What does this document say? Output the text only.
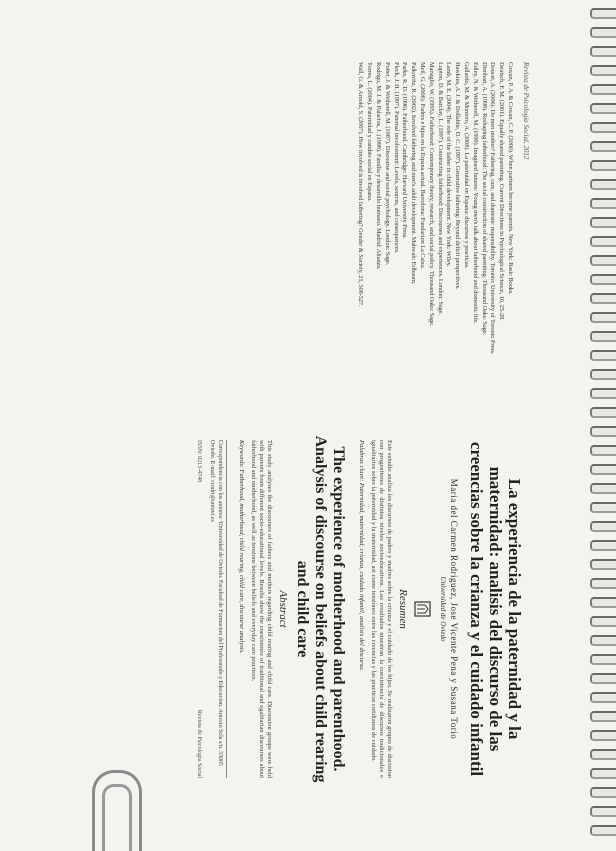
Revista de Psicologia Social, 2012
Cowan, P. A. & Cowan, C. P. (2000). When partners become parents. New York: Basic Books.
Deutsch, F. M. (2001). Equally shared parenting. Current Directions in Psychological Science, 10, 25-28.
Doucet, A. (2006). Do men mother? Fathering, care, and domestic responsibility. Toronto: University of Toronto Press.
Dienhart, A. (1998). Reshaping fatherhood: The social construction of shared parenting. Thousand Oaks: Sage.
Edley, N. & Wetherell, M. (1999). Imagined futures: Young men's talk about fatherhood and domestic life.
Gallardo, M. & Montero, A. (2008). La paternidad en Espana: discursos y practicas.
Hawkins, A. J. & Dollahite, D. C. (1997). Generative fathering: Beyond deficit perspectives.
Lamb, M. E. (2004). The role of the father in child development. New York: Wiley.
Lupton, D. & Barclay, L. (1997). Constructing fatherhood: Discourses and experiences. London: Sage.
Marsiglio, W. (1995). Fatherhood: Contemporary theory, research, and social policy. Thousand Oaks: Sage.
Meil, G. (2006). Padres e hijos en la Espana actual. Barcelona: Fundacion La Caixa.
Palkovitz, R. (2002). Involved fathering and men's adult development. Mahwah: Erlbaum.
Parke, R. D. (1996). Fatherhood. Cambridge: Harvard University Press.
Pleck, J. H. (1997). Paternal involvement: Levels, sources, and consequences.
Potter, J. & Wetherell, M. (1987). Discourse and social psychology. London: Sage.
Rodrigo, M. J. & Palacios, J. (1998). Familia y desarrollo humano. Madrid: Alianza.
Torres, L. (2004). Paternidad y cambio social en Espana.
Wall, G. & Arnold, S. (2007). How involved is involved fathering? Gender & Society, 21, 508-527.
La experiencia de la paternidad y la maternidad: analisis del discurso de las creencias sobre la crianza y el cuidado infantil
Maria del Carmen Rodriguez, Jose Vicente Pena y Susana Torio
Universidad de Oviedo
Resumen
Este estudio analiza los discursos de padres y madres sobre la crianza y el cuidado de los hijos. Se realizaron grupos de discusion con progenitores de distintos niveles socioeducativos. Los resultados muestran la coexistencia de discursos tradicionales e igualitarios sobre la paternidad y la maternidad, asi como tensiones entre las creencias y las practicas cotidianas de cuidado.
Palabras clave: Paternidad, maternidad, crianza, cuidado infantil, analisis del discurso.
The experience of motherhood and parenthood. Analysis of discourse on beliefs about child rearing and child care
Abstract
This study analyses the discourses of fathers and mothers regarding child rearing and child care. Discussion groups were held with parents from different socio-educational levels. Results show the coexistence of traditional and egalitarian discourses about fatherhood and motherhood, as well as tensions between beliefs and everyday care practices.
Keywords: Fatherhood, motherhood, child rearing, child care, discourse analysis.
Correspondencia con los autores: Universidad de Oviedo. Facultad de Formacion del Profesorado y Educacion. Aniceto Sela s/n. 33005 Oviedo. E-mail: crodri@uniovi.es
ISSN: 0213-4748
Revista de Psicologia Social
